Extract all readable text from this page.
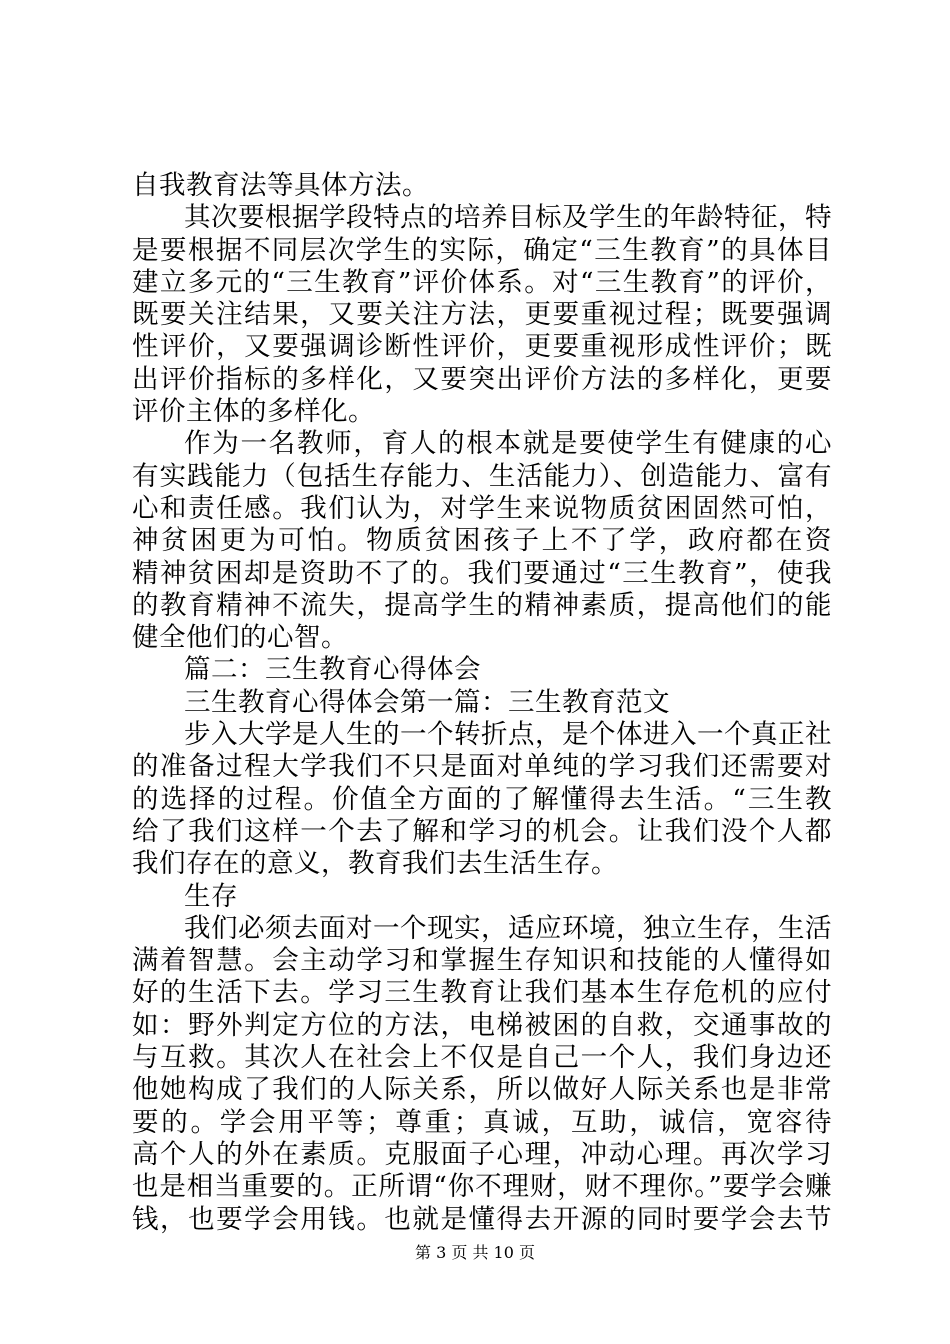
自我教育法等具体方法。
其次要根据学段特点的培养目标及学生的年龄特征，特
是要根据不同层次学生的实际，确定“三生教育”的具体目
建立多元的“三生教育”评价体系。对“三生教育”的评价，
既要关注结果，又要关注方法，更要重视过程；既要强调
性评价，又要强调诊断性评价，更要重视形成性评价；既
出评价指标的多样化，又要突出评价方法的多样化，更要
评价主体的多样化。
作为一名教师，育人的根本就是要使学生有健康的心
有实践能力（包括生存能力、生活能力）、创造能力、富有
心和责任感。我们认为，对学生来说物质贫困固然可怕，
神贫困更为可怕。物质贫困孩子上不了学，政府都在资
精神贫困却是资助不了的。我们要通过“三生教育”，使我
的教育精神不流失，提高学生的精神素质，提高他们的能
健全他们的心智。
篇二：三生教育心得体会
三生教育心得体会第一篇：三生教育范文
步入大学是人生的一个转折点，是个体进入一个真正社
的准备过程大学我们不只是面对单纯的学习我们还需要对
的选择的过程。价值全方面的了解懂得去生活。“三生教
给了我们这样一个去了解和学习的机会。让我们没个人都
我们存在的意义，教育我们去生活生存。
生存
我们必须去面对一个现实，适应环境，独立生存，生活
满着智慧。会主动学习和掌握生存知识和技能的人懂得如
好的生活下去。学习三生教育让我们基本生存危机的应付
如：野外判定方位的方法，电梯被困的自救，交通事故的
与互救。其次人在社会上不仅是自己一个人，我们身边还
他她构成了我们的人际关系，所以做好人际关系也是非常
要的。学会用平等；尊重；真诚，互助，诚信，宽容待
高个人的外在素质。克服面子心理，冲动心理。再次学习
也是相当重要的。正所谓“你不理财，财不理你。”要学会赚
钱，也要学会用钱。也就是懂得去开源的同时要学会去节
第 3 页 共 10 页
